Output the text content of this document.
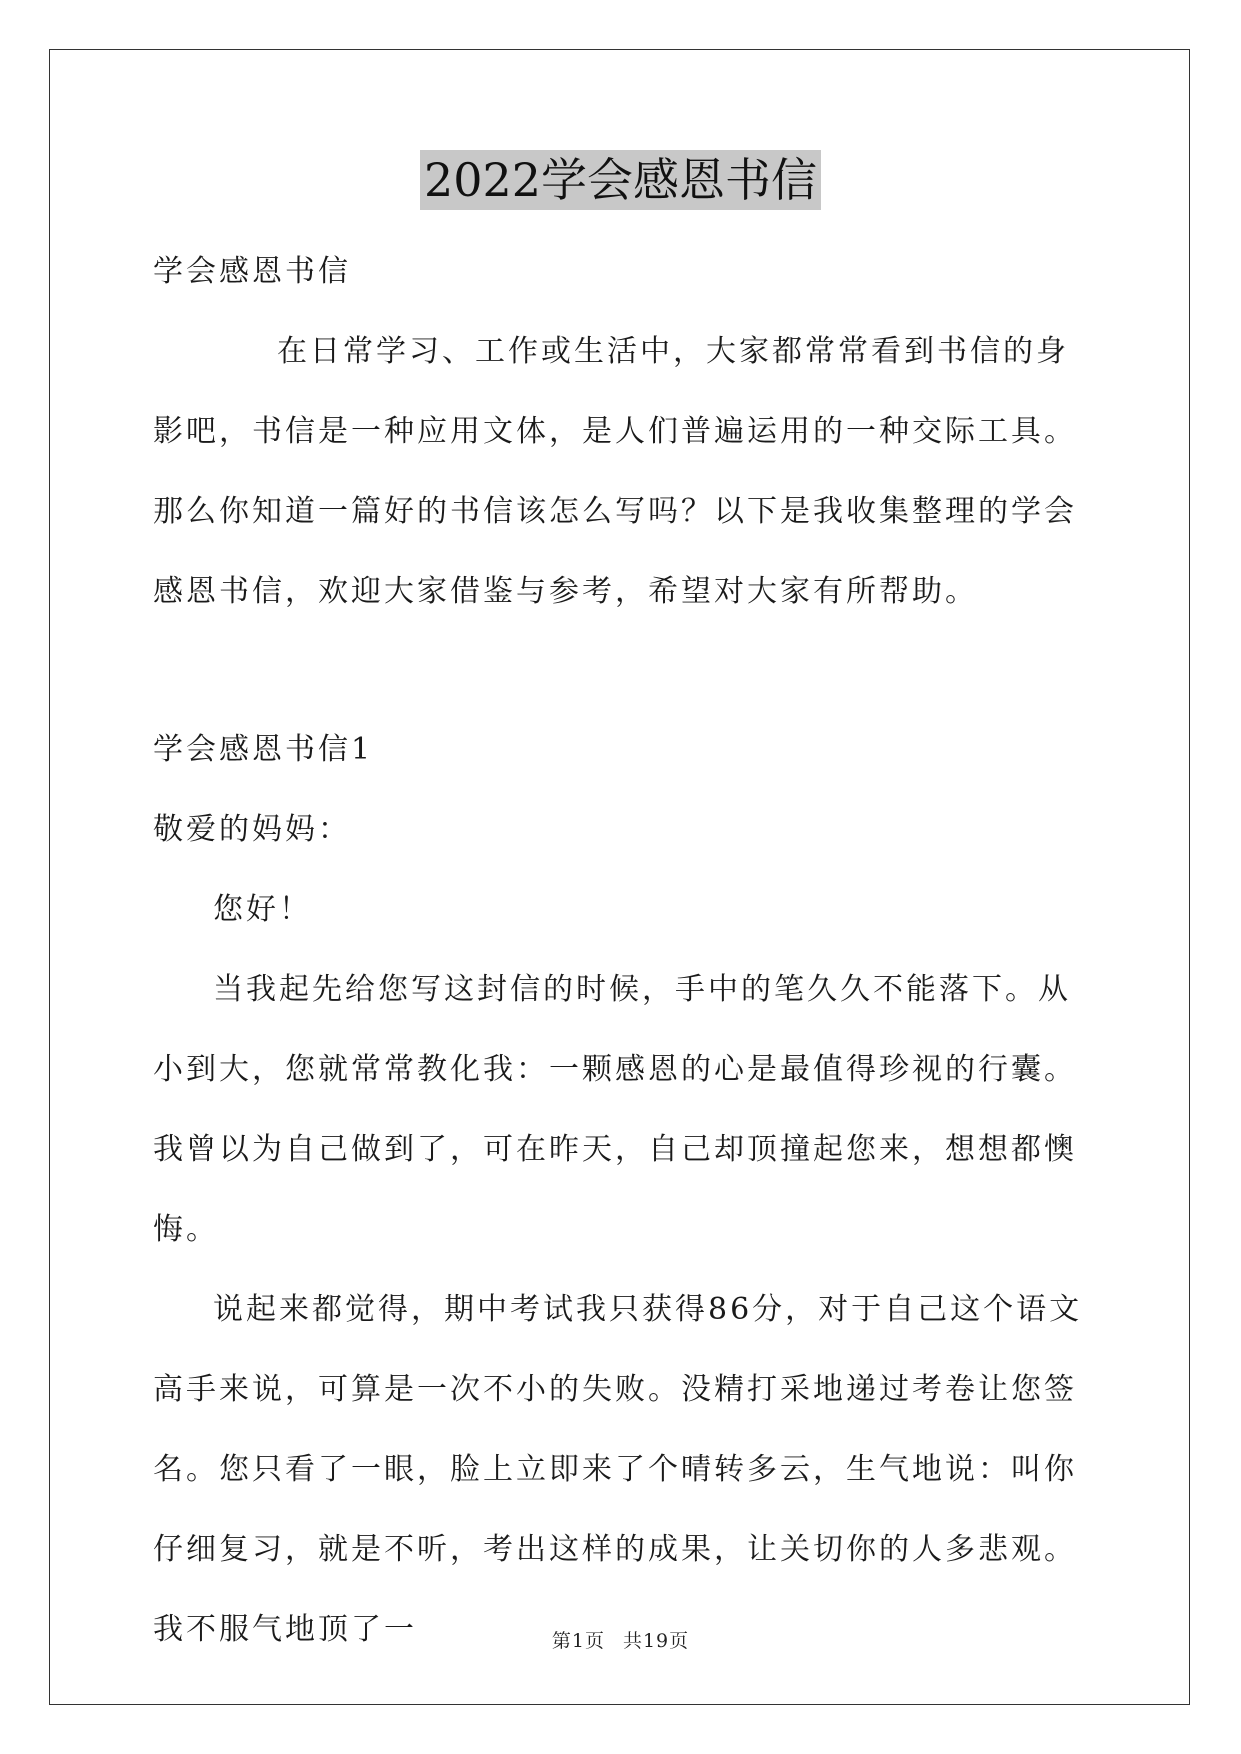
2022学会感恩书信

学会感恩书信

在日常学习、工作或生活中，大家都常常看到书信的身影吧，书信是一种应用文体，是人们普遍运用的一种交际工具。那么你知道一篇好的书信该怎么写吗？以下是我收集整理的学会感恩书信，欢迎大家借鉴与参考，希望对大家有所帮助。

学会感恩书信1

敬爱的妈妈：

您好！

当我起先给您写这封信的时候，手中的笔久久不能落下。从小到大，您就常常教化我：一颗感恩的心是最值得珍视的行囊。我曾以为自己做到了，可在昨天，自己却顶撞起您来，想想都懊悔。

说起来都觉得，期中考试我只获得86分，对于自己这个语文高手来说，可算是一次不小的失败。没精打采地递过考卷让您签名。您只看了一眼，脸上立即来了个晴转多云，生气地说：叫你仔细复习，就是不听，考出这样的成果，让关切你的人多悲观。我不服气地顶了一	第1页 共19页
